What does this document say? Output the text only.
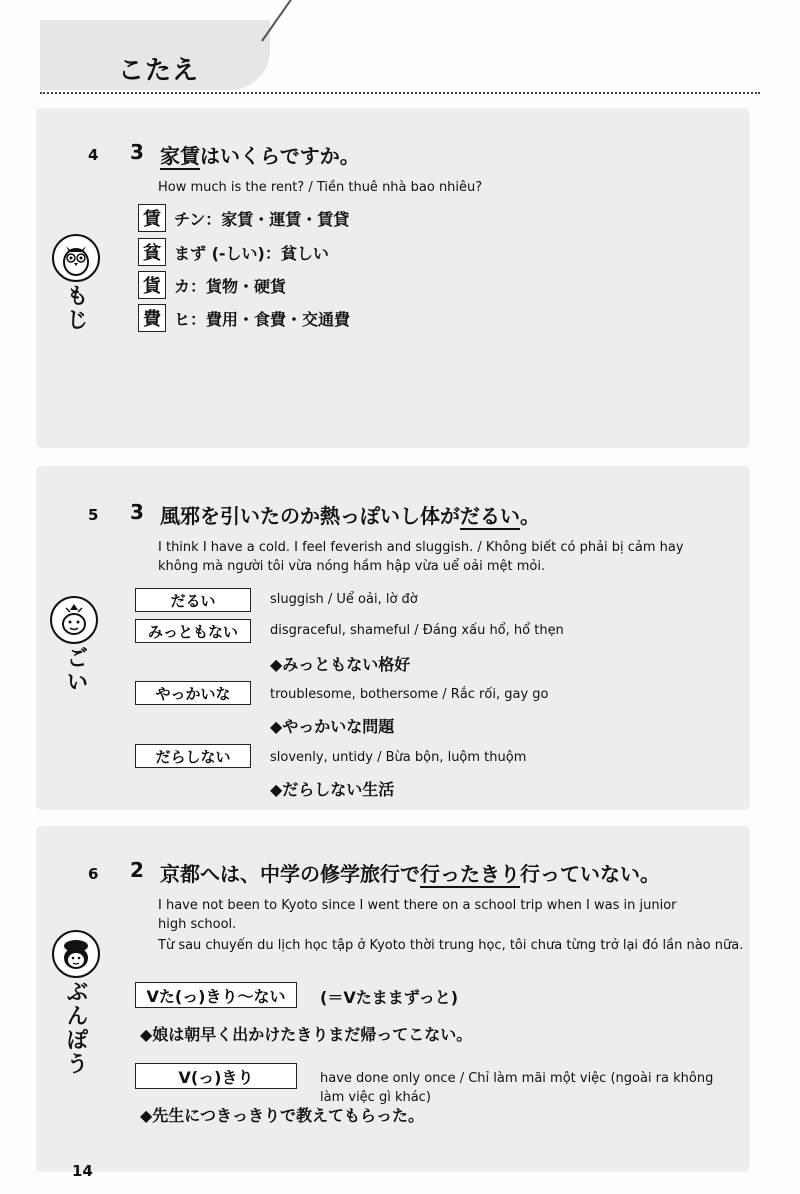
こたえ
4 3 家賃はいくらですか。
How much is the rent? / Tiền thuê nhà bao nhiêu?
賃 チン：家賃・運賃・賃貸
貧 まず (-しい)：貧しい
貨 カ：貨物・硬貨
費 ヒ：費用・食費・交通費
もじ
5 3 風邪を引いたのか熱っぽいし体がだるい。
I think I have a cold. I feel feverish and sluggish. / Không biết có phải bị cảm hay
không mà người tôi vừa nóng hầm hập vừa uể oải mệt mỏi.
だるい	sluggish / Uể oải, lờ đờ
みっともない	disgraceful, shameful / Đáng xấu hổ, hổ thẹn
◆みっともない格好
やっかいな	troublesome, bothersome / Rắc rối, gay go
◆やっかいな問題
だらしない	slovenly, untidy / Bừa bộn, luộm thuộm
◆だらしない生活
ごい
6 2 京都へは、中学の修学旅行で行ったきり行っていない。
I have not been to Kyoto since I went there on a school trip when I was in junior
high school.
Từ sau chuyến du lịch học tập ở Kyoto thời trung học, tôi chưa từng trở lại đó lần nào nữa.
Vた(っ)きり～ない	(＝Vたままずっと)
◆娘は朝早く出かけたきりまだ帰ってこない。
V(っ)きり	have done only once / Chỉ làm mãi một việc (ngoài ra không làm việc gì khác)
◆先生につきっきりで教えてもらった。
ぶんぽう
14
